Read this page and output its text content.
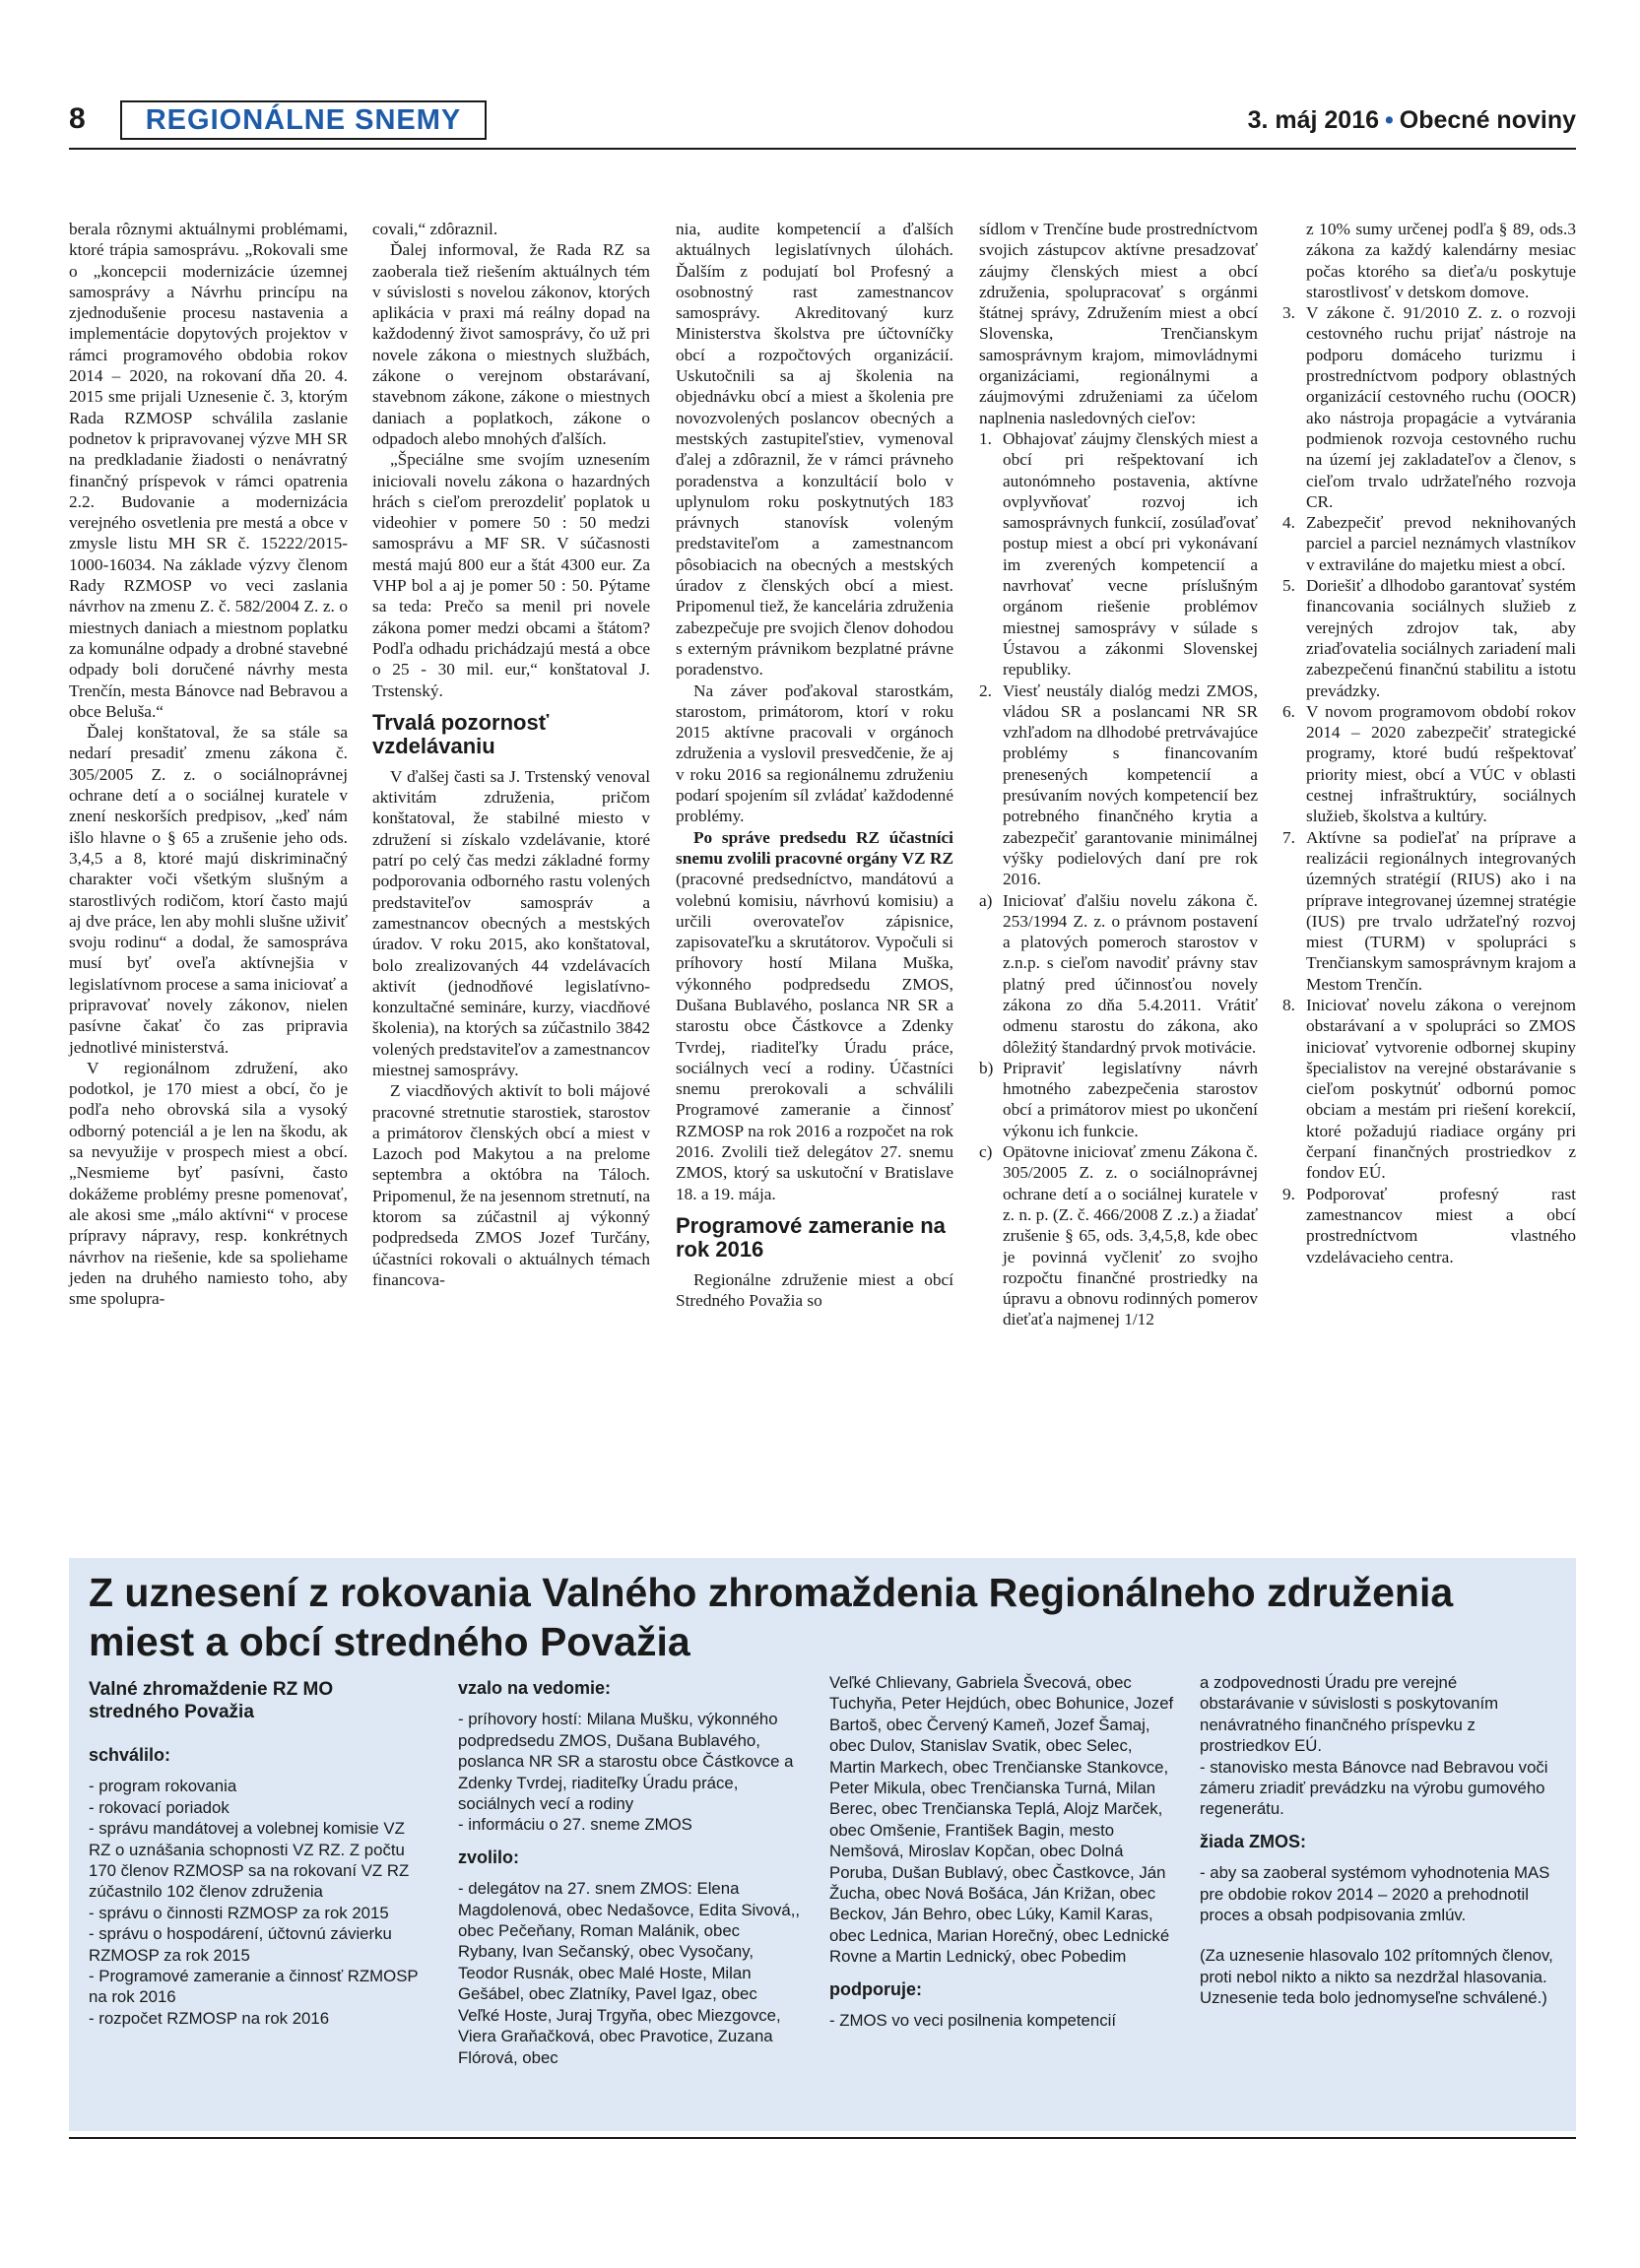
8	REGIONÁLNE SNEMY	3. máj 2016 • Obecné noviny

berala rôznymi aktuálnymi problémami, ktoré trápia samosprávu. „Rokovali sme o „koncepcii modernizácie územnej samosprávy a Návrhu princípu na zjednodušenie procesu nastavenia a implementácie dopytových projektov v rámci programového obdobia rokov 2014 – 2020, na rokovaní dňa 20. 4. 2015 sme prijali Uznesenie č. 3, ktorým Rada RZMOSP schválila zaslanie podnetov k pripravovanej výzve MH SR na predkladanie žiadosti o nenávratný finančný príspevok v rámci opatrenia 2.2. Budovanie a modernizácia verejného osvetlenia pre mestá a obce v zmysle listu MH SR č. 15222/2015-1000-16034. Na základe výzvy členom Rady RZMOSP vo veci zaslania návrhov na zmenu Z. č. 582/2004 Z. z. o miestnych daniach a miestnom poplatku za komunálne odpady a drobné stavebné odpady boli doručené návrhy mesta Trenčín, mesta Bánovce nad Bebravou a obce Beluša.“

Ďalej konštatoval, že sa stále sa nedarí presadiť zmenu zákona č. 305/2005 Z. z. o sociálnoprávnej ochrane detí a o sociálnej kuratele v znení neskorších predpisov, „keď nám išlo hlavne o § 65 a zrušenie jeho ods. 3,4,5 a 8, ktoré majú diskriminačný charakter voči všetkým slušným a starostlivých rodičom, ktorí často majú aj dve práce, len aby mohli slušne uživiť svoju rodinu“ a dodal, že samospráva musí byť oveľa aktívnejšia v legislatívnom procese a sama iniciovať a pripravovať novely zákonov, nielen pasívne čakať čo zas pripravia jednotlivé ministerstvá.

V regionálnom združení, ako podotkol, je 170 miest a obcí, čo je podľa neho obrovská sila a vysoký odborný potenciál a je len na škodu, ak sa nevyužije v prospech miest a obcí. „Nesmieme byť pasívni, často dokážeme problémy presne pomenovať, ale akosi sme „málo aktívni“ v procese prípravy nápravy, resp. konkrétnych návrhov na riešenie, kde sa spoliehame jeden na druhého namiesto toho, aby sme spolupra-

covali,“ zdôraznil.

Ďalej informoval, že Rada RZ sa zaoberala tiež riešením aktuálnych tém v súvislosti s novelou zákonov, ktorých aplikácia v praxi má reálny dopad na každodenný život samosprávy, čo už pri novele zákona o miestnych službách, zákone o verejnom obstarávaní, stavebnom zákone, zákone o miestnych daniach a poplatkoch, zákone o odpadoch alebo mnohých ďalších.

„Špeciálne sme svojím uznesením iniciovali novelu zákona o hazardných hrách s cieľom prerozdeliť poplatok u videohier v pomere 50 : 50 medzi samosprávu a MF SR. V súčasnosti mestá majú 800 eur a štát 4300 eur. Za VHP bol a aj je pomer 50 : 50. Pýtame sa teda: Prečo sa menil pri novele zákona pomer medzi obcami a štátom? Podľa odhadu prichádzajú mestá a obce o 25 - 30 mil. eur,“ konštatoval J. Trstenský.

Trvalá pozornosť vzdelávaniu

V ďalšej časti sa J. Trstenský venoval aktivitám združenia, pričom konštatoval, že stabilné miesto v združení si získalo vzdelávanie, ktoré patrí po celý čas medzi základné formy podporovania odborného rastu volených predstaviteľov samospráv a zamestnancov obecných a mestských úradov. V roku 2015, ako konštatoval, bolo zrealizovaných 44 vzdelávacích aktivít (jednodňové legislatívno-konzultačné semináre, kurzy, viacdňové školenia), na ktorých sa zúčastnilo 3842 volených predstaviteľov a zamestnancov miestnej samosprávy.

Z viacdňových aktivít to boli májové pracovné stretnutie starostiek, starostov a primátorov členských obcí a miest v Lazoch pod Makytou a na prelome septembra a októbra na Táloch. Pripomenul, že na jesennom stretnutí, na ktorom sa zúčastnil aj výkonný podpredseda ZMOS Jozef Turčány, účastníci rokovali o aktuálnych témach financova-

nia, audite kompetencií a ďalších aktuálnych legislatívnych úlohách. Ďalším z podujatí bol Profesný a osobnostný rast zamestnancov samosprávy. Akreditovaný kurz Ministerstva školstva pre účtovníčky obcí a rozpočtových organizácií. Uskutočnili sa aj školenia na objednávku obcí a miest a školenia pre novozvolených poslancov obecných a mestských zastupiteľstiev, vymenoval ďalej a zdôraznil, že v rámci právneho poradenstva a konzultácií bolo v uplynulom roku poskytnutých 183 právnych stanovísk voleným predstaviteľom a zamestnancom pôsobiacich na obecných a mestských úradov z členských obcí a miest. Pripomenul tiež, že kancelária združenia zabezpečuje pre svojich členov dohodou s externým právnikom bezplatné právne poradenstvo.

Na záver poďakoval starostkám, starostom, primátorom, ktorí v roku 2015 aktívne pracovali v orgánoch združenia a vyslovil presvedčenie, že aj v roku 2016 sa regionálnemu združeniu podarí spojením síl zvládať každodenné problémy.

Po správe predsedu RZ účastníci snemu zvolili pracovné orgány VZ RZ (pracovné predsedníctvo, mandátovú a volebnú komisiu, návrhovú komisiu) a určili overovateľov zápisnice, zapisovateľku a skrutátorov. Vypočuli si príhovory hostí Milana Muška, výkonného podpredsedu ZMOS, Dušana Bublavého, poslanca NR SR a starostu obce Částkovce a Zdenky Tvrdej, riaditeľky Úradu práce, sociálnych vecí a rodiny. Účastníci snemu prerokovali a schválili Programové zameranie a činnosť RZMOSP na rok 2016 a rozpočet na rok 2016. Zvolili tiež delegátov 27. snemu ZMOS, ktorý sa uskutoční v Bratislave 18. a 19. mája.

Programové zameranie na rok 2016

Regionálne združenie miest a obcí Stredného Považia so

sídlom v Trenčíne bude prostredníctvom svojich zástupcov aktívne presadzovať záujmy členských miest a obcí združenia, spolupracovať s orgánmi štátnej správy, Združením miest a obcí Slovenska, Trenčianskym samosprávnym krajom, mimovládnymi organizáciami, regionálnymi a záujmovými združeniami za účelom naplnenia nasledovných cieľov:

1. Obhajovať záujmy členských miest a obcí pri rešpektovaní ich autonómneho postavenia, aktívne ovplyvňovať rozvoj ich samosprávnych funkcií, zosúlaďovať postup miest a obcí pri vykonávaní im zverených kompetencií a navrhovať vecne príslušným orgánom riešenie problémov miestnej samosprávy v súlade s Ústavou a zákonmi Slovenskej republiky.
2. Viesť neustály dialóg medzi ZMOS, vládou SR a poslancami NR SR vzhľadom na dlhodobé pretrvávajúce problémy s financovaním prenesených kompetencií a presúvaním nových kompetencií bez potrebného finančného krytia a zabezpečiť garantovanie minimálnej výšky podielových daní pre rok 2016.
a) Iniciovať ďalšiu novelu zákona č. 253/1994 Z. z. o právnom postavení a platových pomeroch starostov v z.n.p. s cieľom navodiť právny stav platný pred účinnosťou novely zákona zo dňa 5.4.2011. Vrátiť odmenu starostu do zákona, ako dôležitý štandardný prvok motivácie.
b) Pripraviť legislatívny návrh hmotného zabezpečenia starostov obcí a primátorov miest po ukončení výkonu ich funkcie.
c) Opätovne iniciovať zmenu Zákona č. 305/2005 Z. z. o sociálnoprávnej ochrane detí a o sociálnej kuratele v z. n. p. (Z. č. 466/2008 Z .z.) a žiadať zrušenie § 65, ods. 3,4,5,8, kde obec je povinná vyčleniť zo svojho rozpočtu finančné prostriedky na úpravu a obnovu rodinných pomerov dieťaťa najmenej 1/12

z 10% sumy určenej podľa § 89, ods.3 zákona za každý kalendárny mesiac počas ktorého sa dieťa/u poskytuje starostlivosť v detskom domove.

3. V zákone č. 91/2010 Z. z. o rozvoji cestovného ruchu prijať nástroje na podporu domáceho turizmu i prostredníctvom podpory oblastných organizácií cestovného ruchu (OOCR) ako nástroja propagácie a vytvárania podmienok rozvoja cestovného ruchu na území jej zakladateľov a členov, s cieľom trvalo udržateľného rozvoja CR.
4. Zabezpečiť prevod neknihovaných parciel a parciel neznámych vlastníkov v extraviláne do majetku miest a obcí.
5. Doriešiť a dlhodobo garantovať systém financovania sociálnych služieb z verejných zdrojov tak, aby zriaďovatelia sociálnych zariadení mali zabezpečenú finančnú stabilitu a istotu prevádzky.
6. V novom programovom období rokov 2014 – 2020 zabezpečiť strategické programy, ktoré budú rešpektovať priority miest, obcí a VÚC v oblasti cestnej infraštruktúry, sociálnych služieb, školstva a kultúry.
7. Aktívne sa podieľať na príprave a realizácii regionálnych integrovaných územných stratégií (RIUS) ako i na príprave integrovanej územnej stratégie (IUS) pre trvalo udržateľný rozvoj miest (TURM) v spolupráci s Trenčianskym samosprávnym krajom a Mestom Trenčín.
8. Iniciovať novelu zákona o verejnom obstarávaní a v spolupráci so ZMOS iniciovať vytvorenie odbornej skupiny špecialistov na verejné obstarávanie s cieľom poskytnúť odbornú pomoc obciam a mestám pri riešení korekcií, ktoré požadujú riadiace orgány pri čerpaní finančných prostriedkov z fondov EÚ.
9. Podporovať profesný rast zamestnancov miest a obcí prostredníctvom vlastného vzdelávacieho centra.
Z uznesení z rokovania Valného zhromaždenia Regionálneho združenia miest a obcí stredného Považia
Valné zhromaždenie RZ MO stredného Považia
schválilo:

- program rokovania

- rokovací poriadok

- správu mandátovej a volebnej komisie VZ RZ o uznášania schopnosti VZ RZ. Z počtu 170 členov RZMOSP sa na rokovaní VZ RZ zúčastnilo 102 členov združenia

- správu o činnosti RZMOSP za rok 2015

- správu o hospodárení, účtovnú závierku RZMOSP za rok 2015

- Programové zameranie a činnosť RZMOSP na rok 2016

- rozpočet RZMOSP na rok 2016

vzalo na vedomie:

- príhovory hostí: Milana Mušku, výkonného podpredsedu ZMOS, Dušana Bublavého, poslanca NR SR a starostu obce Částkovce a Zdenky Tvrdej, riaditeľky Úradu práce, sociálnych vecí a rodiny

- informáciu o 27. sneme ZMOS

zvolilo:

- delegátov na 27. snem ZMOS: Elena Magdolenová, obec Nedašovce, Edita Sivová,, obec Pečeňany, Roman Malánik, obec Rybany, Ivan Sečanský, obec Vysočany, Teodor Rusnák, obec Malé Hoste, Milan Gešábel, obec Zlatníky, Pavel Igaz, obec Veľké Hoste, Juraj Trgyňa, obec Miezgovce, Viera Graňačková, obec Pravotice, Zuzana Flórová, obec

Veľké Chlievany, Gabriela Švecová, obec Tuchyňa, Peter Hejdúch, obec Bohunice, Jozef Bartoš, obec Červený Kameň, Jozef Šamaj, obec Dulov, Stanislav Svatik, obec Selec, Martin Markech, obec Trenčianske Stankovce, Peter Mikula, obec Trenčianska Turná, Milan Berec, obec Trenčianska Teplá, Alojz Marček, obec Omšenie, František Bagin, mesto Nemšová, Miroslav Kopčan, obec Dolná Poruba, Dušan Bublavý, obec Častkovce, Ján Žucha, obec Nová Bošáca, Ján Križan, obec Beckov, Ján Behro, obec Lúky, Kamil Karas, obec Lednica, Marian Horečný, obec Lednické Rovne a Martin Lednický, obec Pobedim

podporuje:

- ZMOS vo veci posilnenia kompetencií

a zodpovednosti Úradu pre verejné obstarávanie v súvislosti s poskytovaním nenávratného finančného príspevku z prostriedkov EÚ.

- stanovisko mesta Bánovce nad Bebravou voči zámeru zriadiť prevádzku na výrobu gumového regenerátu.

žiada ZMOS:

- aby sa zaoberal systémom vyhodnotenia MAS pre obdobie rokov 2014 – 2020 a prehodnotil proces a obsah podpisovania zmlúv.

(Za uznesenie hlasovalo 102 prítomných členov, proti nebol nikto a nikto sa nezdržal hlasovania. Uznesenie teda bolo jednomyseľne schválené.)
